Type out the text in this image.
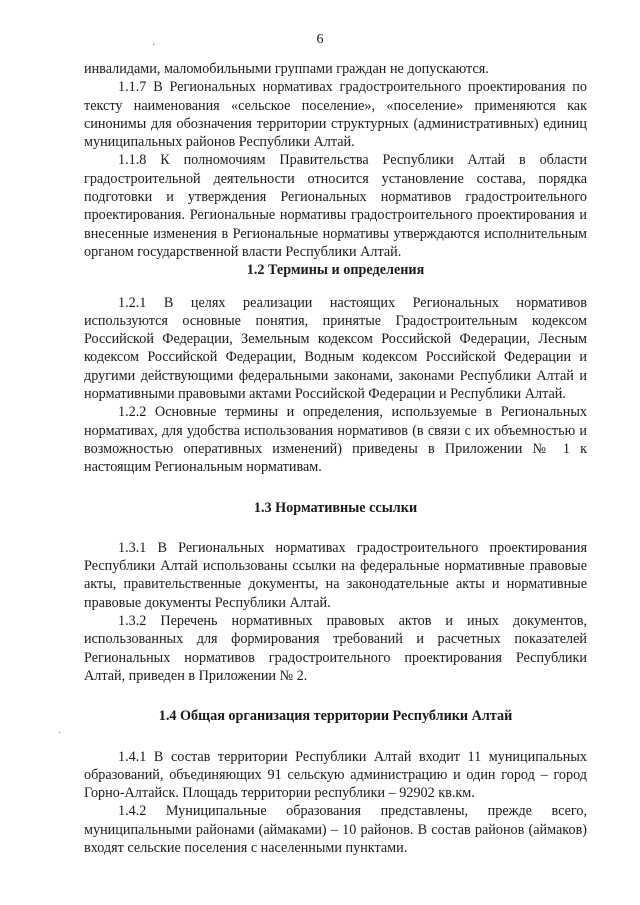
·
·
6

инвалидами, маломобильными группами граждан не допускаются.

1.1.7 В Региональных нормативах градостроительного проектирования по тексту наименования «сельское поселение», «поселение» применяются как синонимы для обозначения территории структурных (административных) единиц муниципальных районов Республики Алтай.

1.1.8 К полномочиям Правительства Республики Алтай в области градостроительной деятельности относится установление состава, порядка подготовки и утверждения Региональных нормативов градостроительного проектирования. Региональные нормативы градостроительного проектирования и внесенные изменения в Региональные нормативы утверждаются исполнительным органом государственной власти Республики Алтай.

1.2 Термины и определения

1.2.1 В целях реализации настоящих Региональных нормативов используются основные понятия, принятые Градостроительным кодексом Российской Федерации, Земельным кодексом Российской Федерации, Лесным кодексом Российской Федерации, Водным кодексом Российской Федерации и другими действующими федеральными законами, законами Республики Алтай и нормативными правовыми актами Российской Федерации и Республики Алтай.

1.2.2 Основные термины и определения, используемые в Региональных нормативах, для удобства использования нормативов (в связи с их объемностью и возможностью оперативных изменений) приведены в Приложении № 1 к настоящим Региональным нормативам.

1.3 Нормативные ссылки

1.3.1 В Региональных нормативах градостроительного проектирования Республики Алтай использованы ссылки на федеральные нормативные правовые акты, правительственные документы, на законодательные акты и нормативные правовые документы Республики Алтай.

1.3.2 Перечень нормативных правовых актов и иных документов, использованных для формирования требований и расчетных показателей Региональных нормативов градостроительного проектирования Республики Алтай, приведен в Приложении № 2.

1.4 Общая организация территории Республики Алтай

1.4.1 В состав территории Республики Алтай входит 11 муниципальных образований, объединяющих 91 сельскую администрацию и один город – город Горно-Алтайск. Площадь территории республики – 92902 кв.км.

1.4.2 Муниципальные образования представлены, прежде всего, муниципальными районами (аймаками) – 10 районов. В состав районов (аймаков) входят сельские поселения с населенными пунктами.
